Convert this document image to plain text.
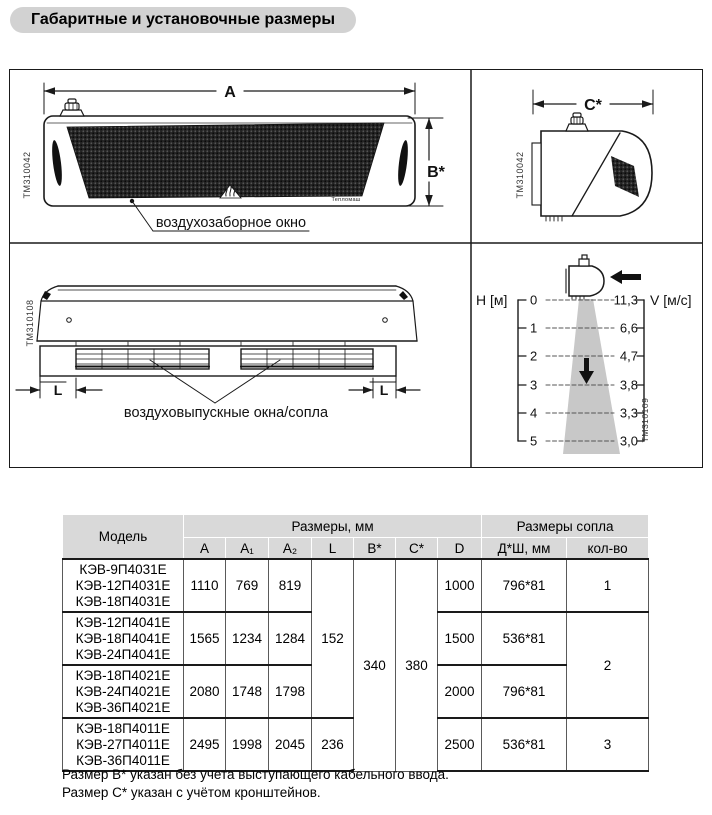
Габаритные и установочные размеры
A
B*
воздухозаборное окно
Тепломаш
TM310042
C*
TM310042
L	L
воздуховыпускные окна/сопла
TM310108	H [м]	V [м/с]
0
1
2
3
4
5
11,3
6,6
4,7
3,8
3,3
3,0 TM310109
Модель	Размеры, мм							Размеры сопла	
	A	A₁	A₂	L	B*	C*	D	Д*Ш, мм	кол-во

КЭВ-9П4031Е
КЭВ-12П4031Е
КЭВ-18П4031Е	1110	769	819	152	340	380	1000	796*81	1

КЭВ-12П4041Е
КЭВ-18П4041Е
КЭВ-24П4041Е	1565	1234	1284				1500	536*81	2

КЭВ-18П4021Е
КЭВ-24П4021Е
КЭВ-36П4021Е	2080	1748	1798				2000	796*81	

КЭВ-18П4011Е
КЭВ-27П4011Е
КЭВ-36П4011Е	2495	1998	2045	236			2500	536*81	3
Размер B* указан без учета выступающего кабельного ввода.
Размер C* указан с учётом кронштейнов.
